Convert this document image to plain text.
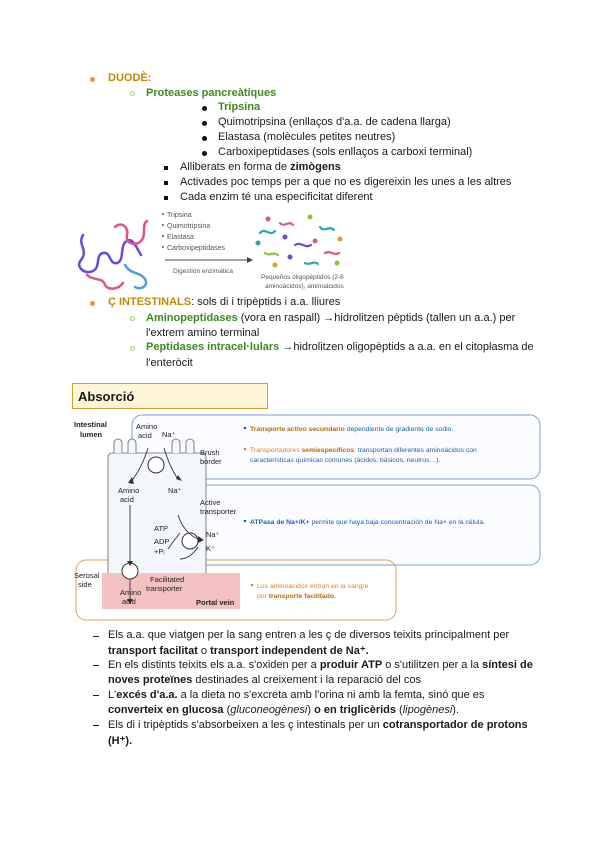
DUODÈ:
Proteases pancreàtiques
Tripsina
Quimotripsina (enllaços d'a.a. de cadena llarga)
Elastasa (molècules petites neutres)
Carboxipeptidases (sols enllaços a carboxi terminal)
Alliberats en forma de zimògens
Activades poc temps per a que no es digereixin les unes a les altres
Cada enzim té una especificitat diferent
Tripsina
Quimotripsina
Elastasa
Carboxipeptidases
Digestión enzimática
Pequeños oligopéptidos (2-6
aminoácidos), aminoácidos
Ç INTESTINALS: sols di i tripèptids i a.a. lliures
Aminopeptidases (vora en raspall) →hidrolitzen pèptids (tallen un a.a.) per
l'extrem amino terminal
Peptidases intracel·lulars →hidrolitzen oligopèptids a a.a. en el citoplasma de
l'enteròcit
Absorció
Intestinal
lumen
Amino
acid Na⁺
Brush
border
Amino
acid
Na⁺
Active
transporter
ATP
ADP
+Pᵢ
Na⁺
K⁺
Serosal
side
Facilitated
transporter
Amino
acid	Portal vein
Transporte activo secundario dependiente de gradiente de sodio.
Transportadores semiespecíficos: transportan diferentes aminoácidos con
características químicas comunes (ácidos, básicos, neutros…).
ATPasa de Na+/K+ permite que haya baja concentración de Na+ en la célula.
Los aminoácidos entran en la sangre
por transporte facilitado.
Els a.a. que viatgen per la sang entren a les ç de diversos teixits principalment per
transport facilitat o transport independent de Na⁺.
En els distints teixits els a.a. s'oxiden per a produir ATP o s'utilitzen per a la síntesi de
noves proteïnes destinades al creixement i la reparació del cos
L'excés d'a.a. a la dieta no s'excreta amb l'orina ni amb la femta, sinó que es
converteix en glucosa (gluconeogènesi) o en triglicèrids (lipogènesi).
Els di i tripèptids s'absorbeixen a les ç intestinals per un cotransportador de protons
(H⁺).
